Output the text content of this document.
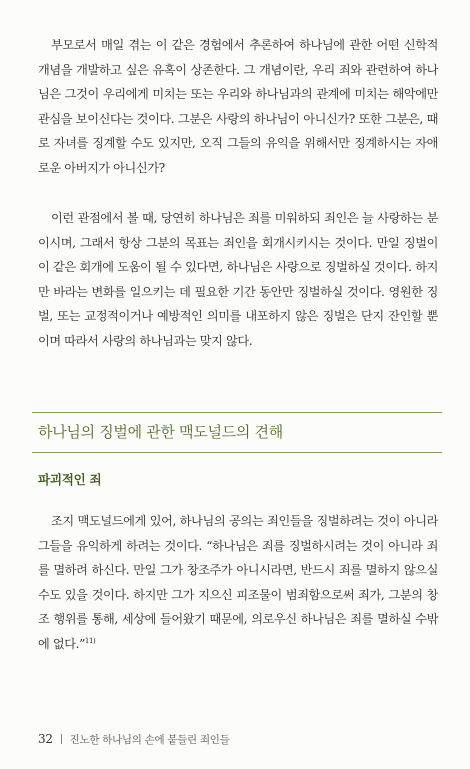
부모로서 매일 겪는 이 같은 경험에서 추론하여 하나님에 관한 어떤 신학적 개념을 개발하고 싶은 유혹이 상존한다. 그 개념이란, 우리 죄와 관련하여 하나님은 그것이 우리에게 미치는 또는 우리와 하나님과의 관계에 미치는 해악에만 관심을 보이신다는 것이다. 그분은 사랑의 하나님이 아니신가? 또한 그분은, 때로 자녀를 징계할 수도 있지만, 오직 그들의 유익을 위해서만 징계하시는 자애로운 아버지가 아니신가?

이런 관점에서 볼 때, 당연히 하나님은 죄를 미워하되 죄인은 늘 사랑하는 분이시며, 그래서 항상 그분의 목표는 죄인을 회개시키시는 것이다. 만일 징벌이 이 같은 회개에 도움이 될 수 있다면, 하나님은 사랑으로 징벌하실 것이다. 하지만 바라는 변화를 일으키는 데 필요한 기간 동안만 징벌하실 것이다. 영원한 징벌, 또는 교정적이거나 예방적인 의미를 내포하지 않은 징벌은 단지 잔인할 뿐이며 따라서 사랑의 하나님과는 맞지 않다.

하나님의 징벌에 관한 맥도널드의 견해
파괴적인 죄

조지 맥도널드에게 있어, 하나님의 공의는 죄인들을 징벌하려는 것이 아니라 그들을 유익하게 하려는 것이다. “하나님은 죄를 징벌하시려는 것이 아니라 죄를 멸하려 하신다. 만일 그가 창조주가 아니시라면, 반드시 죄를 멸하지 않으실 수도 있을 것이다. 하지만 그가 지으신 피조물이 범죄함으로써 죄가, 그분의 창조 행위를 통해, 세상에 들어왔기 때문에, 의로우신 하나님은 죄를 멸하실 수밖에 없다.”$^{11)}$

32 진노한 하나님의 손에 붙들린 죄인들
